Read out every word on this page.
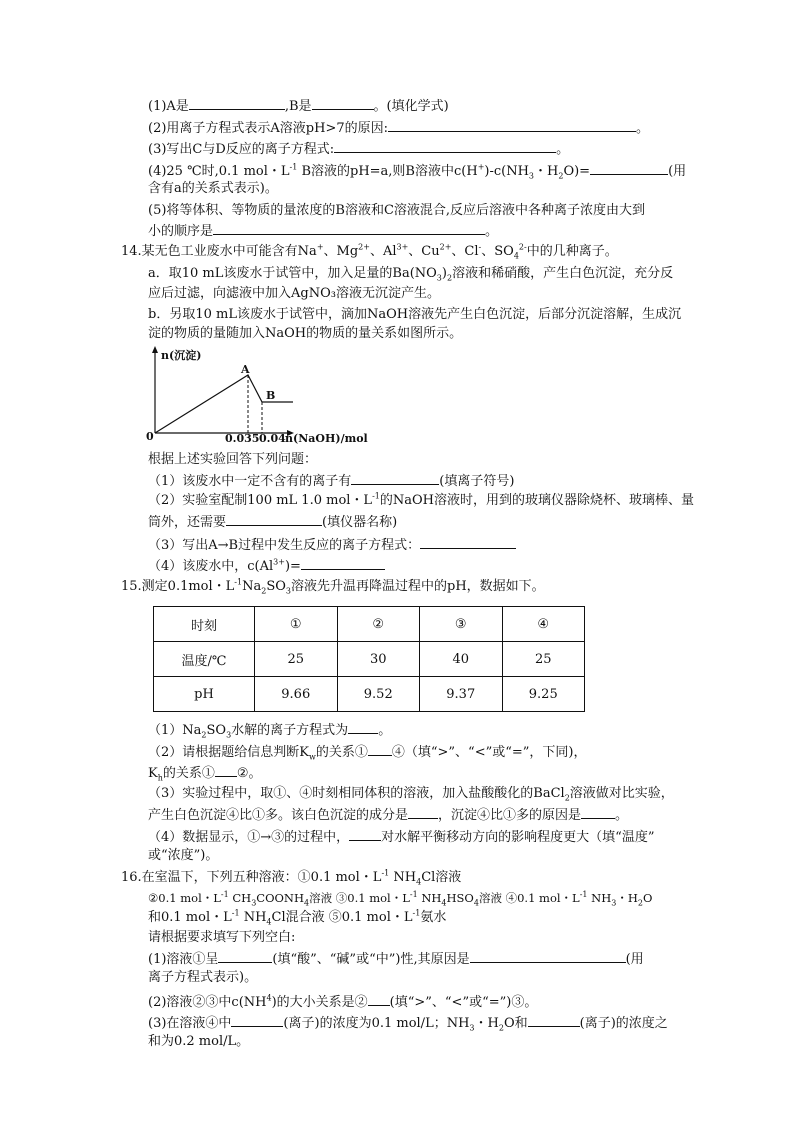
(1)A是	,B是	。(填化学式)
(2)用离子方程式表示A溶液pH>7的原因:	。
(3)写出C与D反应的离子方程式:	。
(4)25 ℃时,0.1 mol・$L^{-1}$ B溶液的pH=a,则B溶液中$c(H^+)-c(NH_3$・$H_2O)=$	(用
含有a的关系式表示)。
(5)将等体积、等物质的量浓度的B溶液和C溶液混合,反应后溶液中各种离子浓度由大到
小的顺序是	。
14.某无色工业废水中可能含有Na+、$Mg^{2+}$、$Al^{3+}$、$Cu^{2+}$、Cl-、$SO_4^{2-}$中的几种离子。
a．取10 mL该废水于试管中，加入足量的$Ba(NO_3)_2$溶液和稀硝酸，产生白色沉淀，充分反
应后过滤，向滤液中加入AgNO₃溶液无沉淀产生。
b．另取10 mL该废水于试管中，滴加NaOH溶液先产生白色沉淀，后部分沉淀溶解，生成沉
淀的物质的量随加入NaOH的物质的量关系如图所示。
n(沉淀)
n(NaOH)/mol
0
A
B
0.035 0.04
根据上述实验回答下列问题：
（1）该废水中一定不含有的离子有	(填离子符号)
（2）实验室配制100 mL 1.0 mol・$L^{-1}$的NaOH溶液时，用到的玻璃仪器除烧杯、玻璃棒、量
筒外，还需要	(填仪器名称)
（3）写出A→B过程中发生反应的离子方程式：
（4）该废水中，$c(Al^{3+})=$
15.测定0.1mol・$L^{-1}Na_2SO_3$溶液先升温再降温过程中的pH，数据如下。
时刻	①	②	③	④
温度/℃	25	30	40	25
pH	9.66	9.52	9.37	9.25
$(1)Na_2SO_3$水解的离子方程式为 。
（2）请根据题给信息判断$K_w$的关系① ④（填“>”、“<”或“=”，下同)，
$K_h$的关系① ②。
（3）实验过程中，取①、④时刻相同体积的溶液，加入盐酸酸化的BaCl$_2$溶液做对比实验，
产生白色沉淀④比①多。该白色沉淀的成分是 ，沉淀④比①多的原因是	。
（4）数据显示，①→③的过程中， 对水解平衡移动方向的影响程度更大（填“温度”
或“浓度”)。
16.在室温下，下列五种溶液：①0.1 mol・$L^{-1}$ $NH_4Cl$溶液
②0.1 mol・$L^{-1}$ $CH_3COONH_4$溶液 ③0.1 mol・$L^{-1}$ $NH_4HSO_4$溶液 ④0.1 mol・$L^{-1}$ $NH_3$・$H_2O$
和0.1 mol・$L^{-1}$ $NH_4Cl$混合液 ⑤0.1 mol・$L^{-1}$氨水
请根据要求填写下列空白:
(1)溶液①呈	(填“酸”、“碱”或“中”)性,其原因是	(用
离子方程式表示)。
(2)溶液②③中$c(NH^4)$的大小关系是② (填“>”、“<”或“=”)③。
(3)在溶液④中	(离子)的浓度为0.1 mol/L；$NH_3$・$H_2O$和	(离子)的浓度之
和为0.2 mol/L。
